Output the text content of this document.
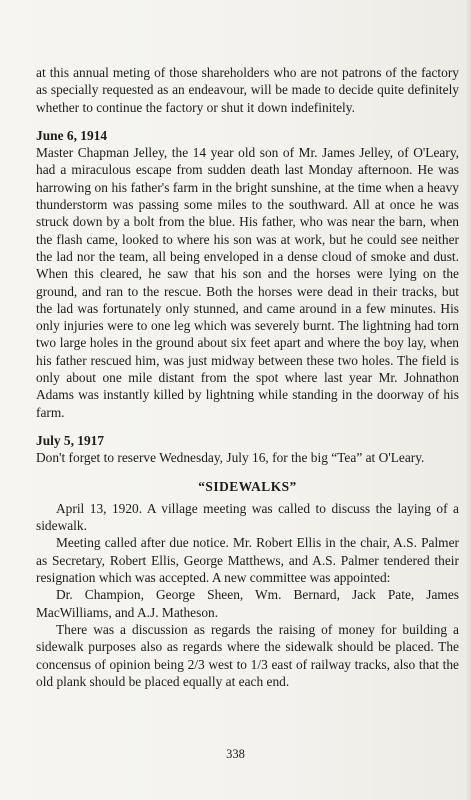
at this annual meting of those shareholders who are not patrons of the factory as specially requested as an endeavour, will be made to decide quite definitely whether to continue the factory or shut it down indefinitely.

June 6, 1914

Master Chapman Jelley, the 14 year old son of Mr. James Jelley, of O'Leary, had a miraculous escape from sudden death last Monday afternoon. He was harrowing on his father's farm in the bright sunshine, at the time when a heavy thunderstorm was passing some miles to the southward. All at once he was struck down by a bolt from the blue. His father, who was near the barn, when the flash came, looked to where his son was at work, but he could see neither the lad nor the team, all being enveloped in a dense cloud of smoke and dust. When this cleared, he saw that his son and the horses were lying on the ground, and ran to the rescue. Both the horses were dead in their tracks, but the lad was fortunately only stunned, and came around in a few minutes. His only injuries were to one leg which was severely burnt. The lightning had torn two large holes in the ground about six feet apart and where the boy lay, when his father rescued him, was just midway between these two holes. The field is only about one mile distant from the spot where last year Mr. Johnathon Adams was instantly killed by lightning while standing in the doorway of his farm.

July 5, 1917

Don't forget to reserve Wednesday, July 16, for the big “Tea” at O'Leary.

“SIDEWALKS”

April 13, 1920. A village meeting was called to discuss the laying of a sidewalk.

Meeting called after due notice. Mr. Robert Ellis in the chair, A.S. Palmer as Secretary, Robert Ellis, George Matthews, and A.S. Palmer tendered their resignation which was accepted. A new committee was appointed:

Dr. Champion, George Sheen, Wm. Bernard, Jack Pate, James MacWilliams, and A.J. Matheson.

There was a discussion as regards the raising of money for building a sidewalk purposes also as regards where the sidewalk should be placed. The concensus of opinion being 2/3 west to 1/3 east of railway tracks, also that the old plank should be placed equally at each end.

338
